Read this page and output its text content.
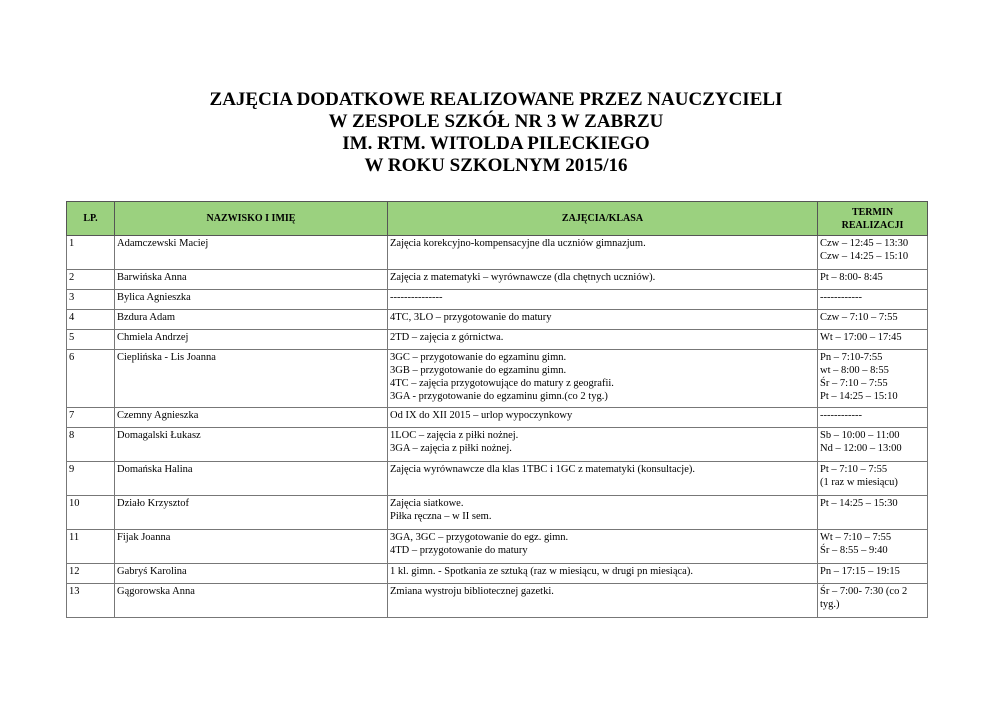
ZAJĘCIA DODATKOWE REALIZOWANE PRZEZ NAUCZYCIELI
W ZESPOLE SZKÓŁ NR 3 W ZABRZU
IM. RTM. WITOLDA PILECKIEGO
W ROKU SZKOLNYM 2015/16
LP.	NAZWISKO I IMIĘ	ZAJĘCIA/KLASA	TERMIN REALIZACJI
1	Adamczewski Maciej	Zajęcia korekcyjno-kompensacyjne dla uczniów gimnazjum.	Czw – 12:45 – 13:30
Czw – 14:25 – 15:10

2	Barwińska Anna	Zajęcia z matematyki – wyrównawcze (dla chętnych uczniów).	Pt – 8:00- 8:45

3	Bylica Agnieszka	---------------	------------

4	Bzdura Adam	4TC, 3LO – przygotowanie do matury	Czw – 7:10 – 7:55

5	Chmiela Andrzej	2TD – zajęcia z górnictwa.	Wt – 17:00 – 17:45

6	Cieplińska - Lis Joanna	3GC – przygotowanie do egzaminu gimn.
3GB – przygotowanie do egzaminu gimn.
4TC – zajęcia przygotowujące do matury z geografii.
3GA - przygotowanie do egzaminu gimn.(co 2 tyg.)	Pn – 7:10-7:55
wt – 8:00 – 8:55
Śr – 7:10 – 7:55
Pt – 14:25 – 15:10

7	Czemny Agnieszka	Od IX do XII 2015 – urlop wypoczynkowy	------------

8	Domagalski Łukasz	1LOC – zajęcia z piłki nożnej.
3GA – zajęcia z piłki nożnej.	Sb – 10:00 – 11:00
Nd – 12:00 – 13:00

9	Domańska Halina	Zajęcia wyrównawcze dla klas 1TBC i 1GC z matematyki (konsultacje).	Pt – 7:10 – 7:55
(1 raz w miesiącu)

10	Działo Krzysztof	Zajęcia siatkowe.
Piłka ręczna – w II sem.	Pt – 14:25 – 15:30

11	Fijak Joanna	3GA, 3GC – przygotowanie do egz. gimn.
4TD – przygotowanie do matury	Wt – 7:10 – 7:55
Śr – 8:55 – 9:40

12	Gabryś Karolina	1 kl. gimn. - Spotkania ze sztuką (raz w miesiącu, w drugi pn miesiąca).	Pn – 17:15 – 19:15

13	Gągorowska Anna	Zmiana wystroju bibliotecznej gazetki.	Śr – 7:00- 7:30 (co 2
tyg.)
